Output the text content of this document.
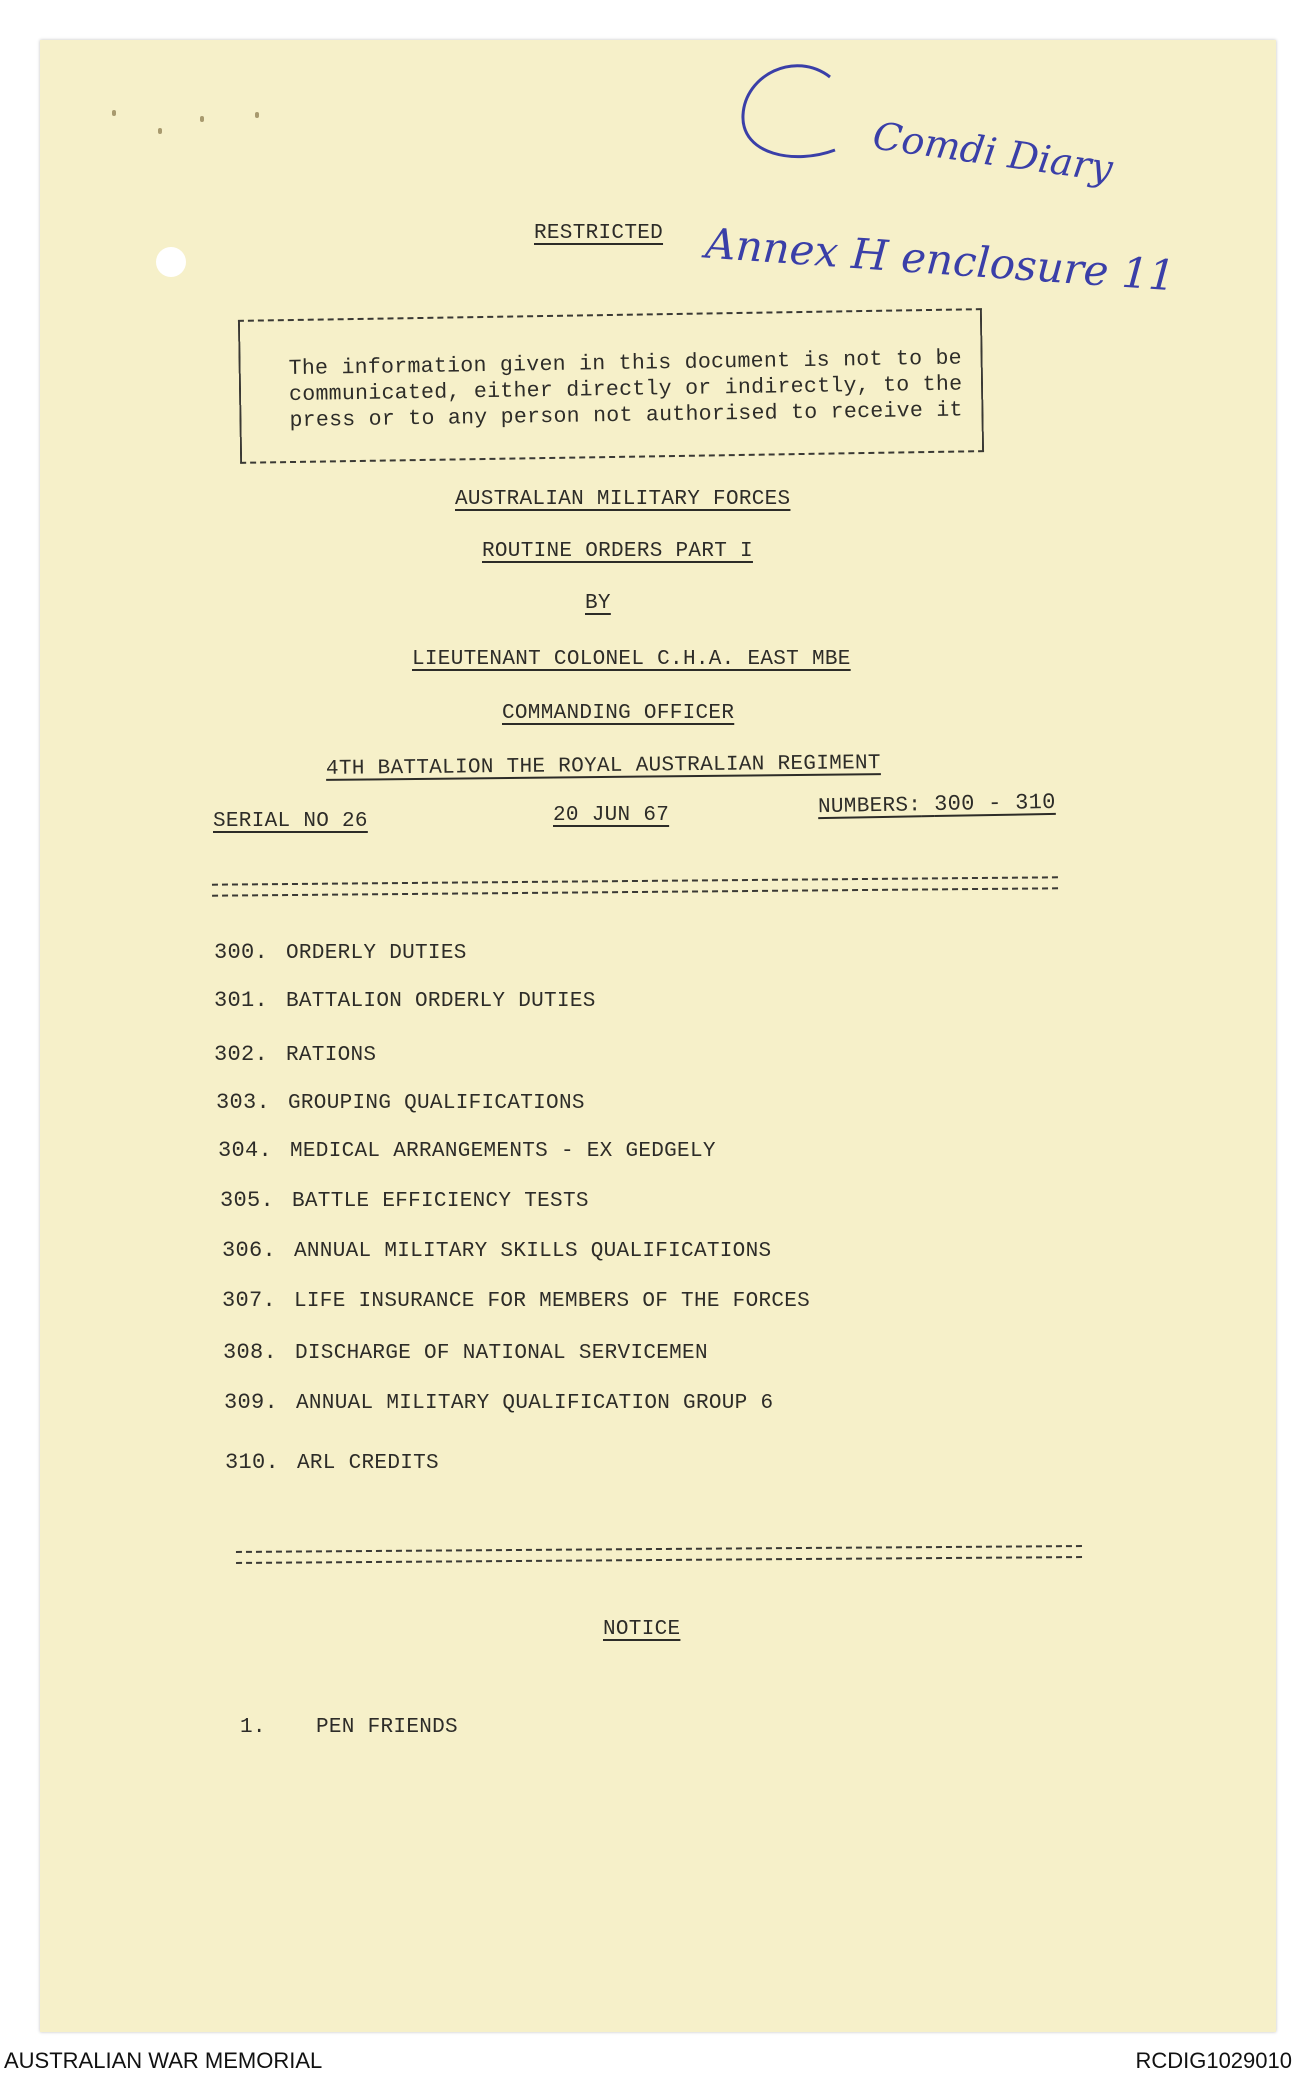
Comdi Diary
Annex H enclosure 11
RESTRICTED
The information given in this document is not to be
communicated, either directly or indirectly, to the
press or to any person not authorised to receive it
AUSTRALIAN MILITARY FORCES
ROUTINE ORDERS PART I
BY
LIEUTENANT COLONEL C.H.A. EAST MBE
COMMANDING OFFICER
4TH BATTALION THE ROYAL AUSTRALIAN REGIMENT
SERIAL NO 26	20 JUN 67	NUMBERS: 300 - 310
300. ORDERLY DUTIES
301. BATTALION ORDERLY DUTIES
302. RATIONS
303. GROUPING QUALIFICATIONS
304. MEDICAL ARRANGEMENTS - EX GEDGELY
305. BATTLE EFFICIENCY TESTS
306. ANNUAL MILITARY SKILLS QUALIFICATIONS
307. LIFE INSURANCE FOR MEMBERS OF THE FORCES
308. DISCHARGE OF NATIONAL SERVICEMEN
309. ANNUAL MILITARY QUALIFICATION GROUP 6
310. ARL CREDITS
NOTICE
1. PEN FRIENDS
AUSTRALIAN WAR MEMORIAL	RCDIG1029010
